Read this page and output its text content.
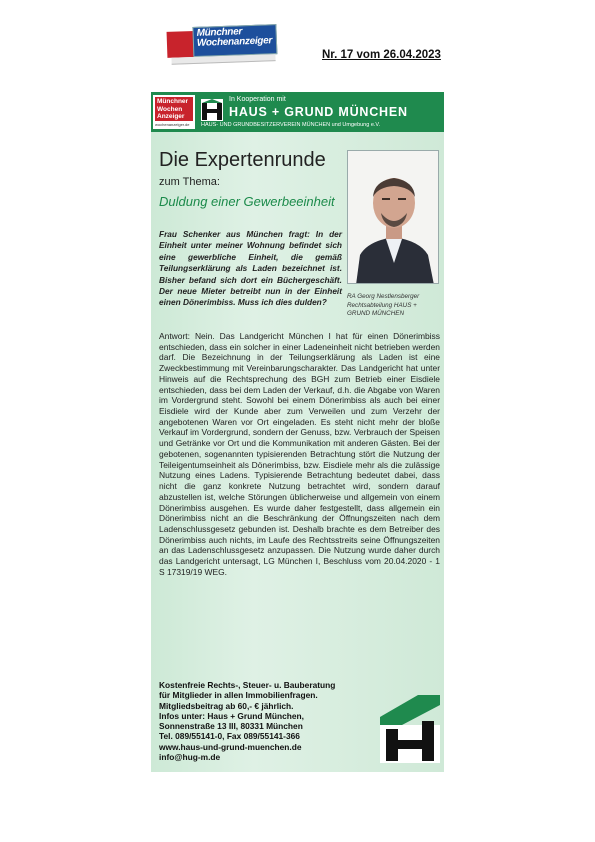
Münchner
Wochenanzeiger
Nr. 17 vom 26.04.2023
Münchner
Wochen
Anzeiger
wochenanzeiger.de
In Kooperation mit
HAUS + GRUND MÜNCHEN
HAUS- UND GRUNDBESITZERVEREIN MÜNCHEN und Umgebung e.V.
Die Expertenrunde
zum Thema:
Duldung einer Gewerbeeinheit
Frau Schenker aus München fragt: In der Einheit unter meiner Wohnung befindet sich eine gewerbliche Einheit, die gemäß Teilungserklärung als Laden bezeichnet ist. Bisher befand sich dort ein Büchergeschäft. Der neue Mieter betreibt nun in der Einheit einen Dönerimbiss. Muss ich dies dulden?
RA Georg Nestlensberger Rechtsabteilung HAUS + GRUND MÜNCHEN
Antwort: Nein. Das Landgericht München I hat für einen Dönerimbiss entschieden, dass ein solcher in einer Ladeneinheit nicht betrieben werden darf. Die Bezeichnung in der Teilungserklärung als Laden ist eine Zweckbestimmung mit Vereinbarungscharakter. Das Landgericht hat unter Hinweis auf die Rechtsprechung des BGH zum Betrieb einer Eisdiele entschieden, dass bei dem Laden der Verkauf, d.h. die Abgabe von Waren im Vordergrund steht. Sowohl bei einem Dönerimbiss als auch bei einer Eisdiele wird der Kunde aber zum Verweilen und zum Verzehr der angebotenen Waren vor Ort eingeladen. Es steht nicht mehr der bloße Verkauf im Vordergrund, sondern der Genuss, bzw. Verbrauch der Speisen und Getränke vor Ort und die Kommunikation mit anderen Gästen. Bei der gebotenen, sogenannten typisierenden Betrachtung stört die Nutzung der Teileigentumseinheit als Dönerimbiss, bzw. Eisdiele mehr als die zulässige Nutzung eines Ladens. Typisierende Betrachtung bedeutet dabei, dass nicht die ganz konkrete Nutzung betrachtet wird, sondern darauf abzustellen ist, welche Störungen üblicherweise und allgemein von einem Dönerimbiss ausgehen. Es wurde daher festgestellt, dass allgemein ein Dönerimbiss nicht an die Beschränkung der Öffnungszeiten nach dem Ladenschlussgesetz gebunden ist. Deshalb brachte es dem Betreiber des Dönerimbiss auch nichts, im Laufe des Rechtsstreits seine Öffnungszeiten an das Ladenschlussgesetz anzupassen. Die Nutzung wurde daher durch das Landgericht untersagt, LG München I, Beschluss vom 20.04.2020 - 1 S 17319/19 WEG.
Kostenfreie Rechts-, Steuer- u. Bauberatung
für Mitglieder in allen Immobilienfragen.
Mitgliedsbeitrag ab 60,- € jährlich.
Infos unter: Haus + Grund München,
Sonnenstraße 13 III, 80331 München
Tel. 089/55141-0, Fax 089/55141-366
www.haus-und-grund-muenchen.de
info@hug-m.de
